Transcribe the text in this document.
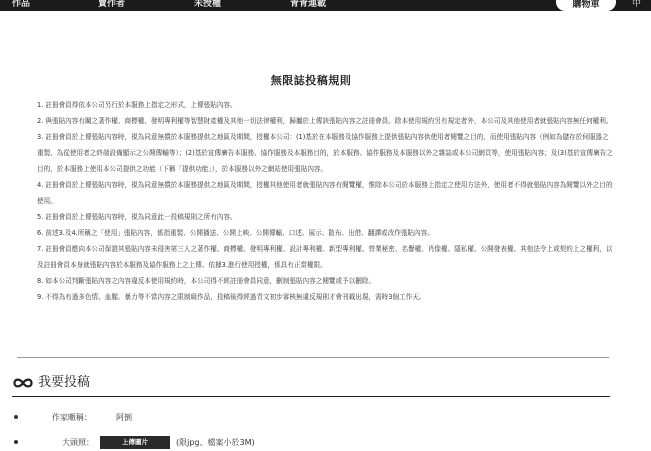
作品	賣作者	未授權	青青連載	購物車	中
無限誌投稿規則
1. 註冊會員得依本公司另行於本服務上指定之形式，上傳張貼內容。
2. 與張貼內容有關之著作權、商標權、發明專利權等智慧財產權及其他一切法律權利，歸屬於上傳該張貼內容之註冊會員。除本使用規約另有規定者外，本公司及其他使用者就張貼內容無任何權利。
3. 註冊會員於上傳張貼內容時，視為同意無償於本服務提供之地區及期間，授權本公司：(1)基於在本服務及協作服務上提供張貼內容供使用者閱覽之目的，而使用張貼內容（例如為儲存於伺服器之重製、為從使用者之終端設備顯示之公開傳輸等）；(2)基於宣傳廣告本服務、協作服務及本服務目的，於本服務、協作服務及本服務以外之雜誌或本公司網頁等，使用張貼內容；及(3)基於宣傳廣告之目的，於本服務上使用本公司提供之功能（下稱「提供功能」），於本服務以外之網站使用張貼內容。
4. 註冊會員於上傳張貼內容時，視為同意無償於本服務提供之地區及期間，授權其他使用者就張貼內容有閱覽權，惟除本公司於本服務上指定之使用方法外，使用者不得就張貼內容為閱覽以外之目的使用。
5. 註冊會員於上傳張貼內容時，視為同意此一投稿規則之所有內容。
6. 前述3.及4.所稱之「使用」張貼內容，係指重製、公開播送、公開上映、公開傳輸、口述、展示、散布、出借、翻譯或改作張貼內容。
7. 註冊會員應向本公司保證其張貼內容未侵害第三人之著作權、商標權、發明專利權、設計專利權、新型專利權、營業秘密、名譽權、肖像權、隱私權、公開發表權、其他法令上或契約上之權利，以及註冊會員本身就張貼內容於本服務及協作服務上之上傳、依據3.進行使用授權，係具有正當權限。
8. 如本公司判斷張貼內容之內容違反本使用規約時，本公司得不經註冊會員同意，刪制張貼內容之閱覽或予以刪除。
9. 不得為有過多色情、血腥、暴力等不當內容之限制級作品，投稿後得經過青文初步審核無違反規則才會刊載出現，需時3個工作天。
我要投稿
作家暱稱：	阿倒
大頭照：	上傳圖片	(限jpg、檔案小於3M)
